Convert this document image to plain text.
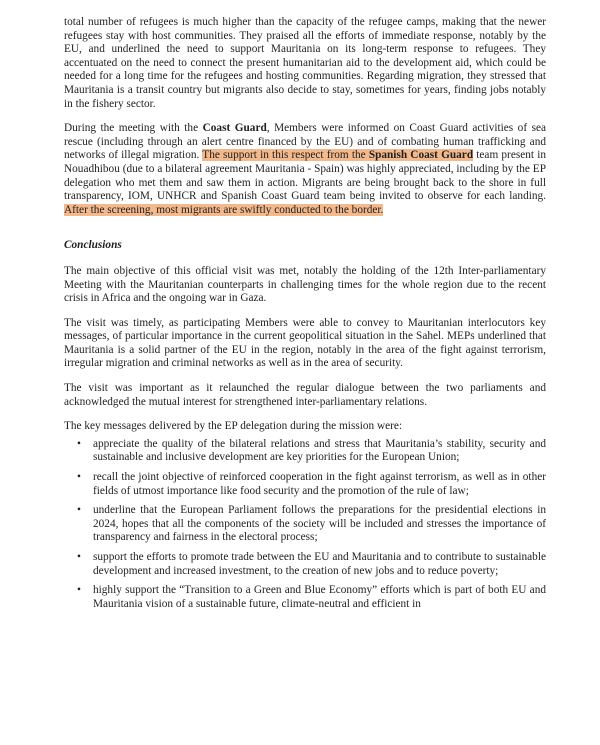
total number of refugees is much higher than the capacity of the refugee camps, making that the newer refugees stay with host communities. They praised all the efforts of immediate response, notably by the EU, and underlined the need to support Mauritania on its long-term response to refugees. They accentuated on the need to connect the present humanitarian aid to the development aid, which could be needed for a long time for the refugees and hosting communities. Regarding migration, they stressed that Mauritania is a transit country but migrants also decide to stay, sometimes for years, finding jobs notably in the fishery sector.

During the meeting with the Coast Guard, Members were informed on Coast Guard activities of sea rescue (including through an alert centre financed by the EU) and of combating human trafficking and networks of illegal migration. The support in this respect from the Spanish Coast Guard team present in Nouadhibou (due to a bilateral agreement Mauritania - Spain) was highly appreciated, including by the EP delegation who met them and saw them in action. Migrants are being brought back to the shore in full transparency, IOM, UNHCR and Spanish Coast Guard team being invited to observe for each landing. After the screening, most migrants are swiftly conducted to the border.

Conclusions

The main objective of this official visit was met, notably the holding of the 12th Inter-parliamentary Meeting with the Mauritanian counterparts in challenging times for the whole region due to the recent crisis in Africa and the ongoing war in Gaza.

The visit was timely, as participating Members were able to convey to Mauritanian interlocutors key messages, of particular importance in the current geopolitical situation in the Sahel. MEPs underlined that Mauritania is a solid partner of the EU in the region, notably in the area of the fight against terrorism, irregular migration and criminal networks as well as in the area of security.

The visit was important as it relaunched the regular dialogue between the two parliaments and acknowledged the mutual interest for strengthened inter-parliamentary relations.

The key messages delivered by the EP delegation during the mission were:

• appreciate the quality of the bilateral relations and stress that Mauritania’s stability, security and sustainable and inclusive development are key priorities for the European Union;
• recall the joint objective of reinforced cooperation in the fight against terrorism, as well as in other fields of utmost importance like food security and the promotion of the rule of law;
• underline that the European Parliament follows the preparations for the presidential elections in 2024, hopes that all the components of the society will be included and stresses the importance of transparency and fairness in the electoral process;
• support the efforts to promote trade between the EU and Mauritania and to contribute to sustainable development and increased investment, to the creation of new jobs and to reduce poverty;
• highly support the “Transition to a Green and Blue Economy” efforts which is part of both EU and Mauritania vision of a sustainable future, climate-neutral and efficient in
